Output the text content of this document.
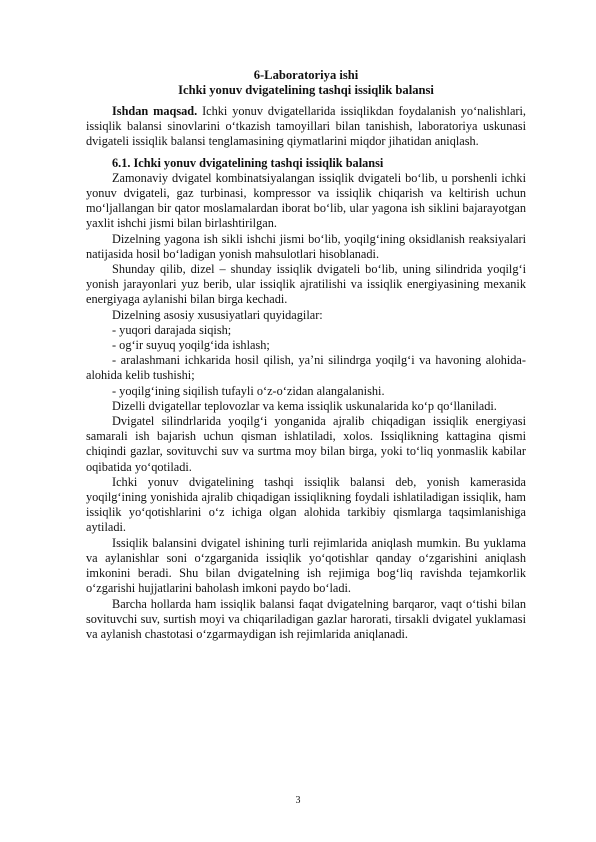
6-Laboratoriya ishi
Ichki yonuv dvigatelining tashqi issiqlik balansi

Ishdan maqsad. Ichki yonuv dvigatellarida issiqlikdan foydalanish yo‘nalishlari, issiqlik balansi sinovlarini o‘tkazish tamoyillari bilan tanishish, laboratoriya uskunasi dvigateli issiqlik balansi tenglamasining qiymatlarini miqdor jihatidan aniqlash.

6.1. Ichki yonuv dvigatelining tashqi issiqlik balansi

Zamonaviy dvigatel kombinatsiyalangan issiqlik dvigateli bo‘lib, u porshenli ichki yonuv dvigateli, gaz turbinasi, kompressor va issiqlik chiqarish va keltirish uchun mo‘ljallangan bir qator moslamalardan iborat bo‘lib, ular yagona ish siklini bajarayotgan yaxlit ishchi jismi bilan birlashtirilgan.

Dizelning yagona ish sikli ishchi jismi bo‘lib, yoqilg‘ining oksidlanish reaksiyalari natijasida hosil bo‘ladigan yonish mahsulotlari hisoblanadi.

Shunday qilib, dizel – shunday issiqlik dvigateli bo‘lib, uning silindrida yoqilg‘i yonish jarayonlari yuz berib, ular issiqlik ajratilishi va issiqlik energiyasining mexanik energiyaga aylanishi bilan birga kechadi.

Dizelning asosiy xususiyatlari quyidagilar:

- yuqori darajada siqish;

- og‘ir suyuq yoqilg‘ida ishlash;

- aralashmani ichkarida hosil qilish, ya’ni silindrga yoqilg‘i va havoning alohida-alohida kelib tushishi;

- yoqilg‘ining siqilish tufayli o‘z-o‘zidan alangalanishi.

Dizelli dvigatellar teplovozlar va kema issiqlik uskunalarida ko‘p qo‘llaniladi.

Dvigatel silindrlarida yoqilg‘i yonganida ajralib chiqadigan issiqlik energiyasi samarali ish bajarish uchun qisman ishlatiladi, xolos. Issiqlikning kattagina qismi chiqindi gazlar, sovituvchi suv va surtma moy bilan birga, yoki to‘liq yonmaslik kabilar oqibatida yo‘qotiladi.

Ichki yonuv dvigatelining tashqi issiqlik balansi deb, yonish kamerasida yoqilg‘ining yonishida ajralib chiqadigan issiqlikning foydali ishlatiladigan issiqlik, ham issiqlik yo‘qotishlarini o‘z ichiga olgan alohida tarkibiy qismlarga taqsimlanishiga aytiladi.

Issiqlik balansini dvigatel ishining turli rejimlarida aniqlash mumkin. Bu yuklama va aylanishlar soni o‘zgarganida issiqlik yo‘qotishlar qanday o‘zgarishini aniqlash imkonini beradi. Shu bilan dvigatelning ish rejimiga bog‘liq ravishda tejamkorlik o‘zgarishi hujjatlarini baholash imkoni paydo bo‘ladi.

Barcha hollarda ham issiqlik balansi faqat dvigatelning barqaror, vaqt o‘tishi bilan sovituvchi suv, surtish moyi va chiqariladigan gazlar harorati, tirsakli dvigatel yuklamasi va aylanish chastotasi o‘zgarmaydigan ish rejimlarida aniqlanadi.

3
